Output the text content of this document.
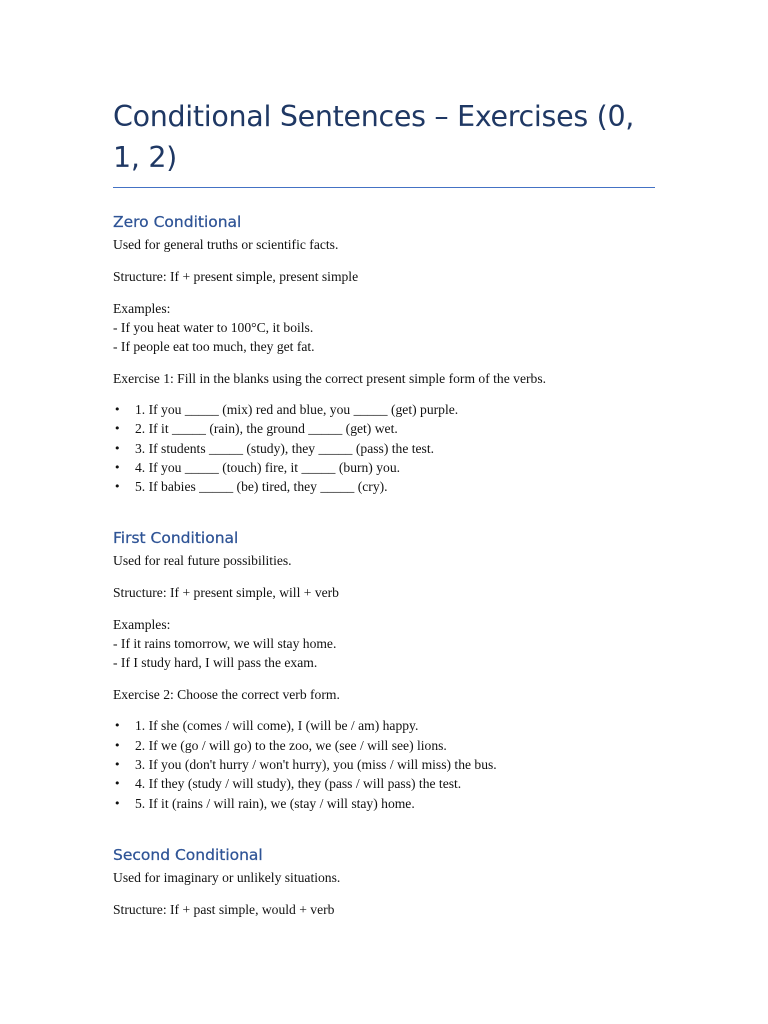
Conditional Sentences – Exercises (0, 1, 2)
Zero Conditional

Used for general truths or scientific facts.

Structure: If + present simple, present simple

Examples:
- If you heat water to 100°C, it boils.
- If people eat too much, they get fat.

Exercise 1: Fill in the blanks using the correct present simple form of the verbs.

• 1. If you _____ (mix) red and blue, you _____ (get) purple.
• 2. If it _____ (rain), the ground _____ (get) wet.
• 3. If students _____ (study), they _____ (pass) the test.
• 4. If you _____ (touch) fire, it _____ (burn) you.
• 5. If babies _____ (be) tired, they _____ (cry).
First Conditional

Used for real future possibilities.

Structure: If + present simple, will + verb

Examples:
- If it rains tomorrow, we will stay home.
- If I study hard, I will pass the exam.

Exercise 2: Choose the correct verb form.

• 1. If she (comes / will come), I (will be / am) happy.
• 2. If we (go / will go) to the zoo, we (see / will see) lions.
• 3. If you (don't hurry / won't hurry), you (miss / will miss) the bus.
• 4. If they (study / will study), they (pass / will pass) the test.
• 5. If it (rains / will rain), we (stay / will stay) home.
Second Conditional

Used for imaginary or unlikely situations.

Structure: If + past simple, would + verb
